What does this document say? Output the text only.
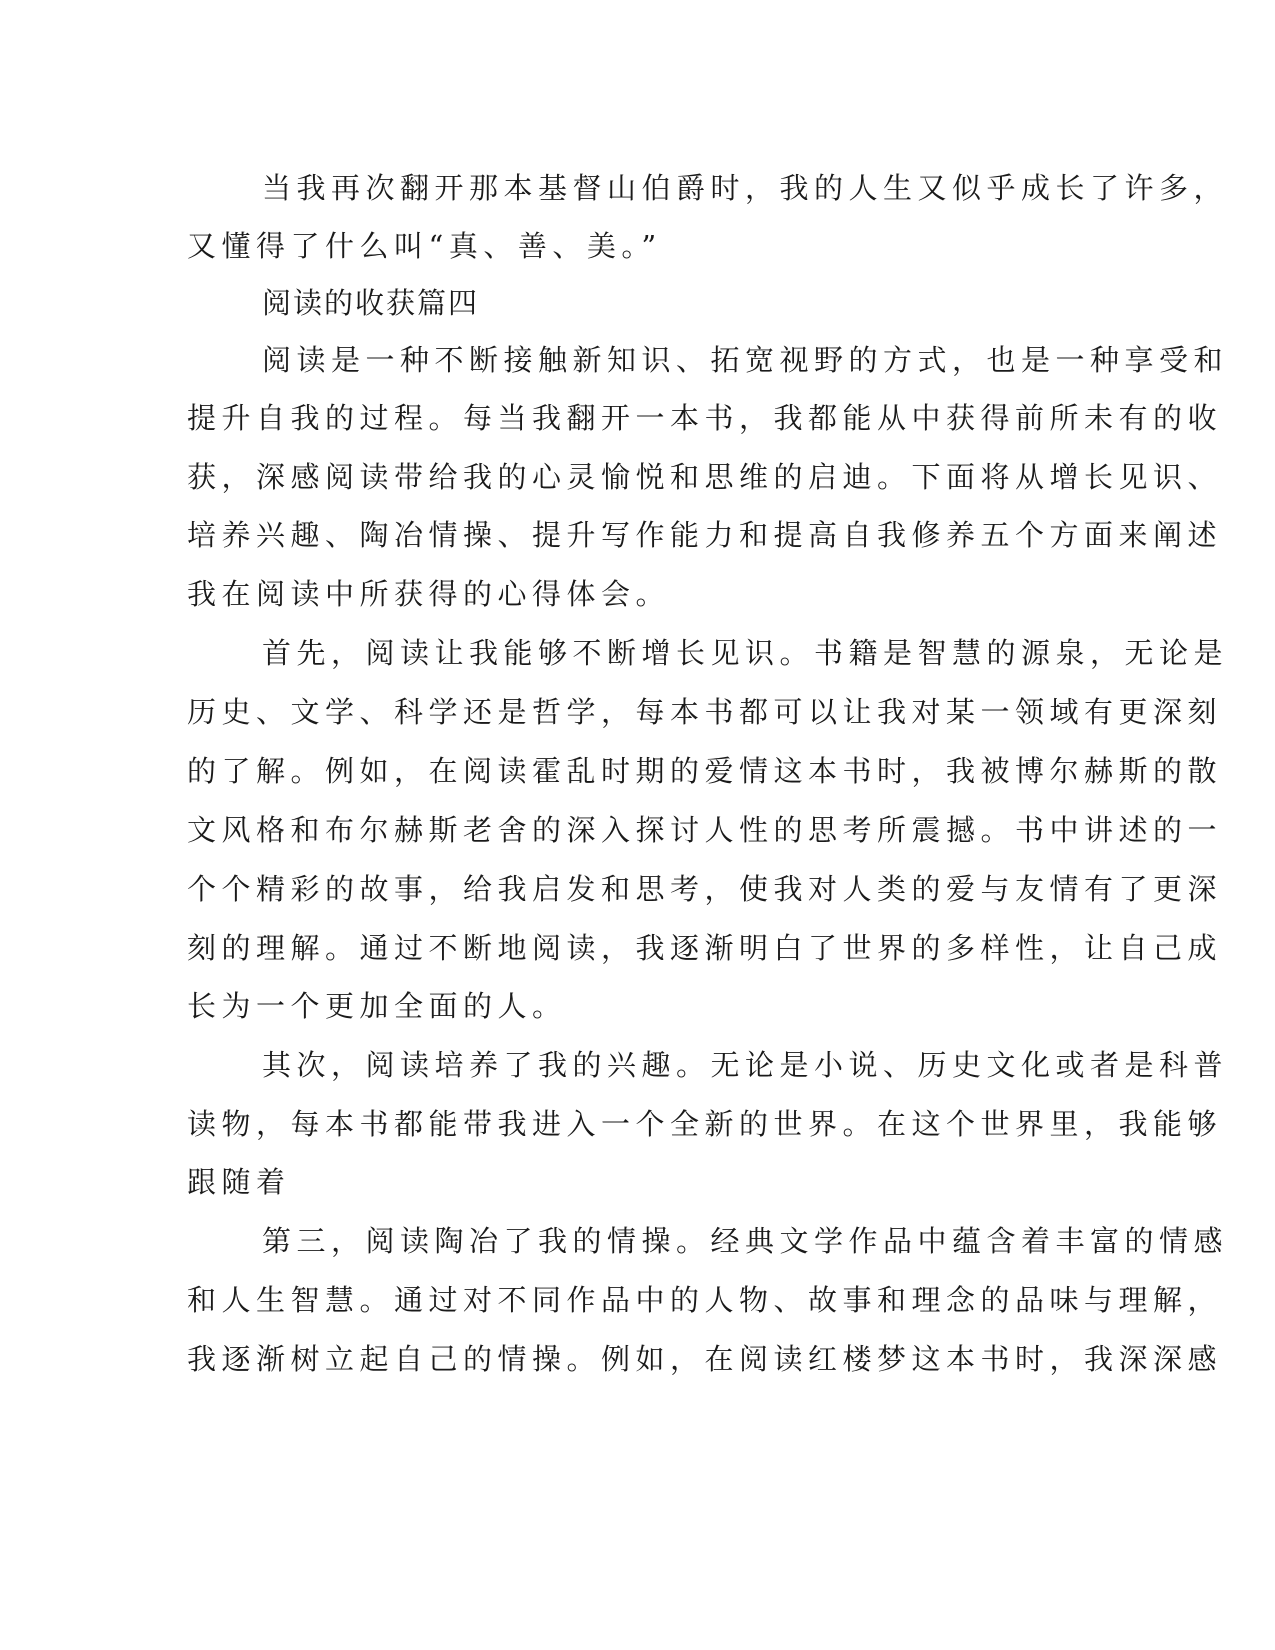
当我再次翻开那本基督山伯爵时，我的人生又似乎成长了许多，
又懂得了什么叫“真、善、美。”
阅读的收获篇四
阅读是一种不断接触新知识、拓宽视野的方式，也是一种享受和
提升自我的过程。每当我翻开一本书，我都能从中获得前所未有的收
获，深感阅读带给我的心灵愉悦和思维的启迪。下面将从增长见识、
培养兴趣、陶冶情操、提升写作能力和提高自我修养五个方面来阐述
我在阅读中所获得的心得体会。
首先，阅读让我能够不断增长见识。书籍是智慧的源泉，无论是
历史、文学、科学还是哲学，每本书都可以让我对某一领域有更深刻
的了解。例如，在阅读霍乱时期的爱情这本书时，我被博尔赫斯的散
文风格和布尔赫斯老舍的深入探讨人性的思考所震撼。书中讲述的一
个个精彩的故事，给我启发和思考，使我对人类的爱与友情有了更深
刻的理解。通过不断地阅读，我逐渐明白了世界的多样性，让自己成
长为一个更加全面的人。
其次，阅读培养了我的兴趣。无论是小说、历史文化或者是科普
读物，每本书都能带我进入一个全新的世界。在这个世界里，我能够
跟随着
第三，阅读陶冶了我的情操。经典文学作品中蕴含着丰富的情感
和人生智慧。通过对不同作品中的人物、故事和理念的品味与理解，
我逐渐树立起自己的情操。例如，在阅读红楼梦这本书时，我深深感
